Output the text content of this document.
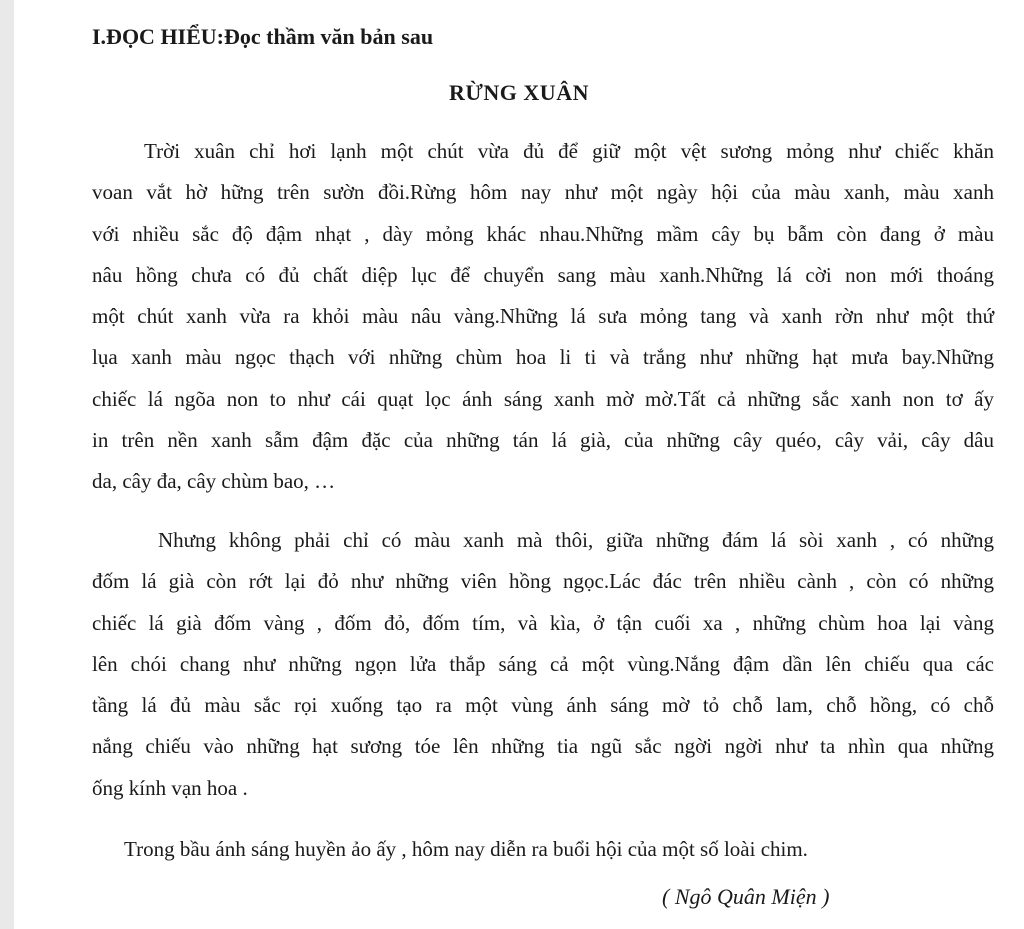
I.ĐỌC HIỂU:Đọc thầm văn bản sau
RỪNG XUÂN
Trời xuân chỉ hơi lạnh một chút vừa đủ để giữ một vệt sương mỏng như chiếc khăn
voan vắt hờ hững trên sườn đồi.Rừng hôm nay như một ngày hội của màu xanh, màu xanh
với nhiều sắc độ đậm nhạt , dày mỏng khác nhau.Những mầm cây bụ bẫm còn đang ở màu
nâu hồng chưa có đủ chất diệp lục để chuyển sang màu xanh.Những lá cời non mới thoáng
một chút xanh vừa ra khỏi màu nâu vàng.Những lá sưa mỏng tang và xanh rờn như một thứ
lụa xanh màu ngọc thạch với những chùm hoa li ti và trắng như những hạt mưa bay.Những
chiếc lá ngõa non to như cái quạt lọc ánh sáng xanh mờ mờ.Tất cả những sắc xanh non tơ ấy
in trên nền xanh sẫm đậm đặc của những tán lá già, của những cây quéo, cây vải, cây dâu
da, cây đa, cây chùm bao, …
Nhưng không phải chỉ có màu xanh mà thôi, giữa những đám lá sòi xanh , có những
đốm lá già còn rớt lại đỏ như những viên hồng ngọc.Lác đác trên nhiều cành , còn có những
chiếc lá già đốm vàng , đốm đỏ, đốm tím, và kìa, ở tận cuối xa , những chùm hoa lại vàng
lên chói chang như những ngọn lửa thắp sáng cả một vùng.Nắng đậm dần lên chiếu qua các
tầng lá đủ màu sắc rọi xuống tạo ra một vùng ánh sáng mờ tỏ chỗ lam, chỗ hồng, có chỗ
nắng chiếu vào những hạt sương tóe lên những tia ngũ sắc ngời ngời như ta nhìn qua những
ống kính vạn hoa .
Trong bầu ánh sáng huyền ảo ấy , hôm nay diễn ra buổi hội của một số loài chim.
( Ngô Quân Miện )
